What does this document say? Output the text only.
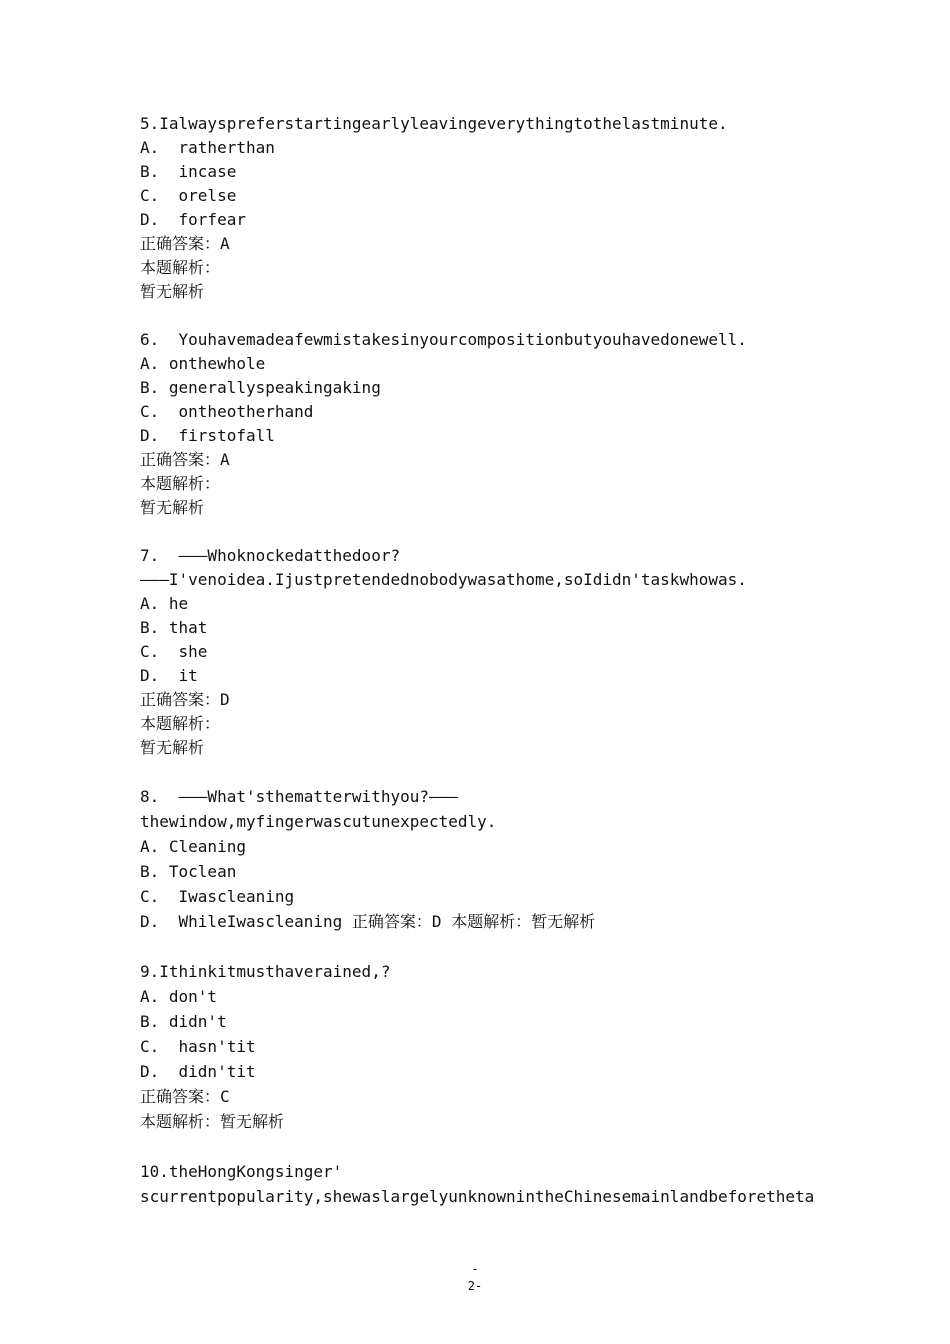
5.Ialwayspreferstartingearlyleavingeverythingtothelastminute.
A.  ratherthan
B.  incase
C.  orelse
D.  forfear
正确答案：A
本题解析：
暂无解析
6.  Youhavemadeafewmistakesinyourcompositionbutyouhavedonewell.
A. onthewhole
B. generallyspeakingaking
C.  ontheotherhand
D.  firstofall
正确答案：A
本题解析：
暂无解析
7.  ———Whoknockedatthedoor?
———I'venoidea.Ijustpretendednobodywasathome,soIdidn'taskwhowas.
A. he
B. that
C.  she
D.  it
正确答案：D
本题解析：
暂无解析
8.  ———What'sthematterwithyou?———
thewindow,myfingerwascutunexpectedly.
A. Cleaning
B. Toclean
C.  Iwascleaning
D.  WhileIwascleaning 正确答案：D 本题解析：暂无解析
9.Ithinkitmusthaverained,?
A. don't
B. didn't
C.  hasn'tit
D.  didn'tit
正确答案：C
本题解析：暂无解析
10.theHongKongsinger'
scurrentpopularity,shewaslargelyunknownintheChinesemainlandbeforetheta
-
2-
